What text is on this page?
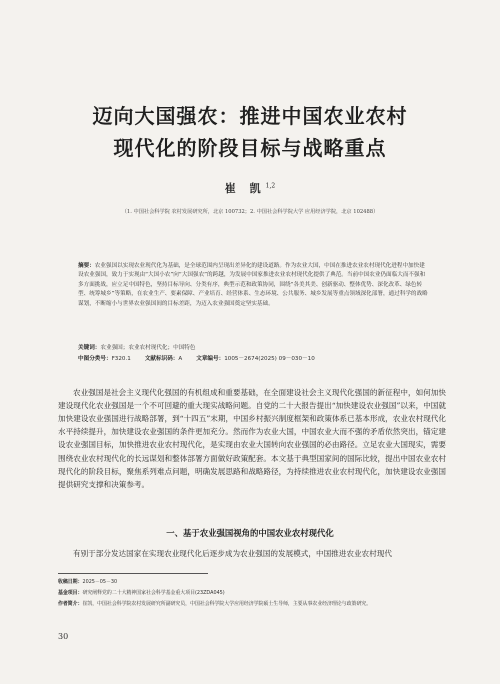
迈向大国强农：推进中国农业农村
现代化的阶段目标与战略重点
崔 凯$^{1,2}$
（1. 中国社会科学院 农村发展研究所，北京 100732；2. 中国社会科学院大学 应用经济学院，北京 102488）
摘要：农业强国以实现农业现代化为基础，是全球范围内呈现出差异化的建设道路。作为农业大国，中国在推进农业农村现代化进程中加快建设农业强国，致力于实现由“大国小农”向“大国强农”的跨越，为发展中国家推进农业农村现代化提供了典范。当前中国农业仍面临大而不强和多方面挑战，应立足中国特色，坚持目标导向、分类有序，典型示范和政策协同，围绕“各美其美、创新驱动、整体优势、深化改革、绿色转型、统筹城乡”等策略，在农业生产、要素保障、产业培育、经营体系、生态环境、公共服务、城乡发展等重点领域深化部署，通过科学的战略谋划，不断缩小与世界农业强国间的目标差距，为迈入农业强国奠定坚实基础。
关键词：农业强国；农业农村现代化；中国特色
中图分类号：F320.1	文献标识码：A	文章编号：1005－2674(2025) 09－030－10

农业强国是社会主义现代化强国的有机组成和重要基础，在全面建设社会主义现代化强国的新征程中，如何加快建设现代化农业强国是一个不可回避的重大现实战略问题。自党的二十大报告提出“加快建设农业强国”以来，中国就加快建设农业强国进行战略部署，到“十四五”末期，中国乡村振兴制度框架和政策体系已基本形成，农业农村现代化水平持续提升，加快建设农业强国的条件更加充分。然而作为农业大国，中国农业大而不强的矛盾依然突出，锚定建设农业强国目标，加快推进农业农村现代化，是实现由农业大国转向农业强国的必由路径。立足农业大国现实，需要围绕农业农村现代化的长远谋划和整体部署方面做好政策配套。本文基于典型国家间的国际比较，提出中国农业农村现代化的阶段目标，聚焦系列难点问题，明确发展思路和战略路径，为持续推进农业农村现代化，加快建设农业强国提供研究支撑和决策参考。

一、基于农业强国视角的中国农业农村现代化
有别于部分发达国家在实现农业现代化后逐步成为农业强国的发展模式，中国推进农业农村现代
收稿日期：2025－05－30
基金项目：研究阐释党的二十大精神国家社会科学基金重大项目(23ZDA045)
作者简介：崔凯，中国社会科学院农村发展研究所副研究员，中国社会科学院大学应用经济学院硕士生导师，主要从事农业经济理论与政策研究。
30
